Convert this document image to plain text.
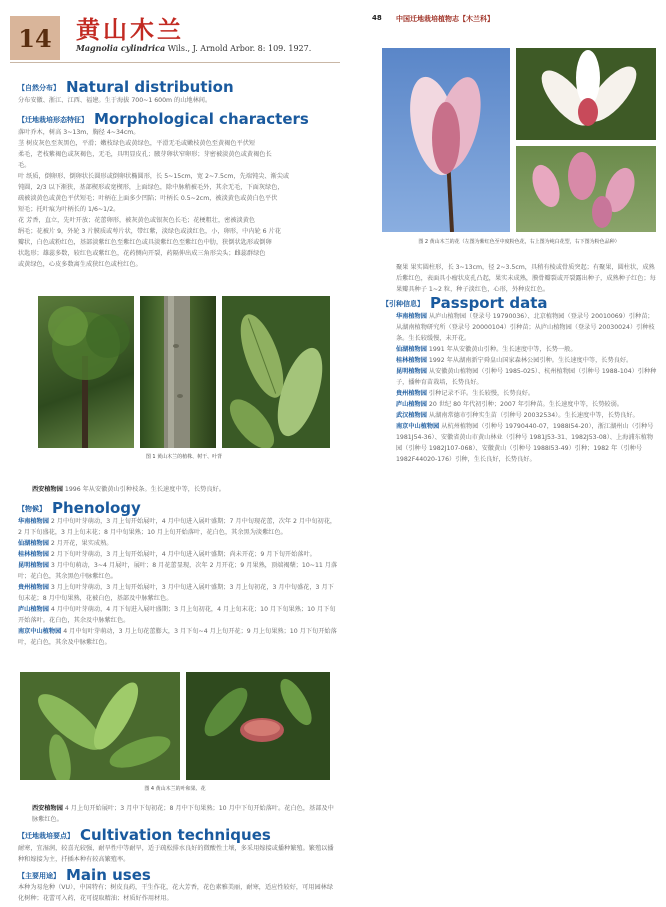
14	黄山木兰
Magnolia cylindrica Wils., J. Arnold Arbor. 8: 109. 1927.
48 中国迁地栽培植物志【木兰科】
【自然分布】 Natural distribution
分布安徽、浙江、江西、福建。生于海拔 700~1 600m 的山地林间。
【迁地栽培形态特征】 Morphological characters
落叶乔木，树高 3~13m，胸径 4~34cm。
茎 树皮灰色至灰黑色，平滑；嫩枝绿色或黄绿色，平滑无毛或嫩枝黄色至黄褐色平伏短
柔毛，老枝紫褐色或灰褐色，无毛，具明显皮孔；腋芽卵状窄卵形；芽密被淡黄色或黄褐色长
毛。
叶 纸质，倒卵形、倒卵状长圆形或倒卵状椭圆形，长 5~15cm，宽 2~7.5cm，先端钝尖、渐尖或
钝圆，2/3 以下渐狭，基部楔形或宽楔形，上面绿色，除中脉稍被毛外，其余无毛，下面灰绿色，
疏被淡黄色或黄色平伏短毛；叶柄在上面多少凹陷；叶柄长 0.5~2cm，被淡黄色或黄白色平伏
短毛；托叶痕为叶柄长的 1/6~1/2。
花 芳香，直立，先叶开放；花蕾卵形，被灰黄色或银灰色长毛；花梗粗壮，密被淡黄色
绢毛；花被片 9，外轮 3 片膜质或萼片状，带红紫，淡绿色或淡红色，小，卵形，中内轮 6 片花
瓣状，白色或粉红色，基部淡紫红色至紫红色或具淡紫红色至紫红色中肋，狭倒状匙形或倒卵
状匙形；雄蕊多数，较红色或紫红色，花药侧向开裂，药隔伸出成三角形尖头；雌蕊群绿色
或黄绿色，心皮多数离生成狭红色或柱红色。
图 1 黄山木兰的植株、树干、叶背
西安植物园 1996 年从安徽黄山引种枝条。生长速度中等，长势良好。
【物候】 Phenology
华南植物园 2 月中旬叶芽萌动，3 月上旬开始展叶，4 月中旬进入展叶盛期；7 月中旬现花蕾，次年 2 月中旬初花，2 月下旬盛花，3 月上旬末花；8 月中旬果熟；10 月上旬开始落叶，花白色，其余黑为淡紫红色。
仙湖植物园 2 月开花，果实成熟。
桂林植物园 2 月下旬叶芽萌动，3 月上旬开始展叶，4 月中旬进入展叶盛期；尚未开花；9 月下旬开始落叶。
昆明植物园 3 月中旬萌动，3~4 月展叶，展叶；8 月花蕾显现，次年 2 月开花；9 月果熟，顶端褐蘖；10~11 月落叶；花白色，其余黑色中脉紫红色。
贵州植物园 3 月上旬叶芽萌动，3 月上旬开始展叶，3 月中旬进入展叶盛期；3 月上旬初花，3 月中旬盛花，3 月下旬末花；8 月中旬果熟，花被白色，基部及中脉紫红色。
庐山植物园 4 月中旬叶芽萌动，4 月下旬进入展叶盛期；3 月上旬初花，4 月上旬末花；10 月下旬果熟；10 月下旬开始落叶。花白色，其余及中脉紫红色。
南京中山植物园 4 月中旬叶芽萌动，3 月上旬花蕾膨大，3 月下旬~4 月上旬开花；9 月上旬果熟；10 月下旬开始落叶，花白色，其余及中脉紫红色。
图 4 黄山木兰的叶和果、花
西安植物园 4 月上旬开始展叶；3 月中下旬初花；8 月中下旬果熟；10 月中下旬开始落叶。花白色，基部及中脉紫红色。
【迁地栽培要点】 Cultivation techniques
耐寒，宜湿润，较喜光较强，耐旱性中等耐旱，适于疏松排水良好的微酸性土壤，多采用嫁接或播种繁殖。繁殖以播种和嫁接为主，扦插本种有较高繁殖率。
【主要用途】 Main uses
本种为易危种（VU），中国特有；树皮良药，干生作花，花大芳香，花色素雅美丽，耐寒，适应性较好，可用园林绿化树种；花蕾可入药，花可提取精油；材质好作用材用。
图 2 黄山木兰的花（左图为紫红色至中度粉色花，右上图为纯白花型，右下图为粉色品种）
聚果 果实圆柱形，长 3~13cm，径 2~3.5cm，具稍有棱或骨质突起；有聚果，圆柱状，成熟后紫红色，表面具小瘤状皮孔凸起，果实未成熟，膜骨瓣裂或开裂露出种子，成熟种子红色；每果瓣具种子 1~2 粒，种子淡红色，心形，外种皮红色。
【引种信息】 Passport data
华南植物园 从庐山植物园（登录号 19790036）、北京植物园（登录号 20010069）引种苗；从湖南植物研究所（登录号 20000104）引种苗；从庐山植物园（登录号 20030024）引种枝条。生长较缓慢，未开花。
仙湖植物园 1991 年从安徽黄山引种。生长速度中等，长势一般。
桂林植物园 1992 年从湖南新宁舜皇山国家森林公园引种。生长速度中等，长势良好。
昆明植物园 从安徽黄山植物园（引种号 1985-025）、杭州植物园（引种号 1988-104）引种种子，播种育苗栽培，长势良好。
贵州植物园 引种记录不详。生长较慢，长势良好。
庐山植物园 20 世纪 80 年代初引种；2007 年引种苗。生长速度中等，长势较弱。
武汉植物园 从湖南常德市引种实生苗（引种号 20032534）。生长速度中等，长势良好。
南京中山植物园 从杭州植物园（引种号 19790440-07，1988I54-20），浙江湖州山（引种号 1981J54-36）、安徽省黄山市黄山林业（引种号 1981J53-31、1982J53-08）、上海浦东植物园（引种号 1982J107-068）、安徽黄山（引种号 1988I53-49）引种；1982 年（引种号 1982F44020-176）引种，生长良好，长势良好。
